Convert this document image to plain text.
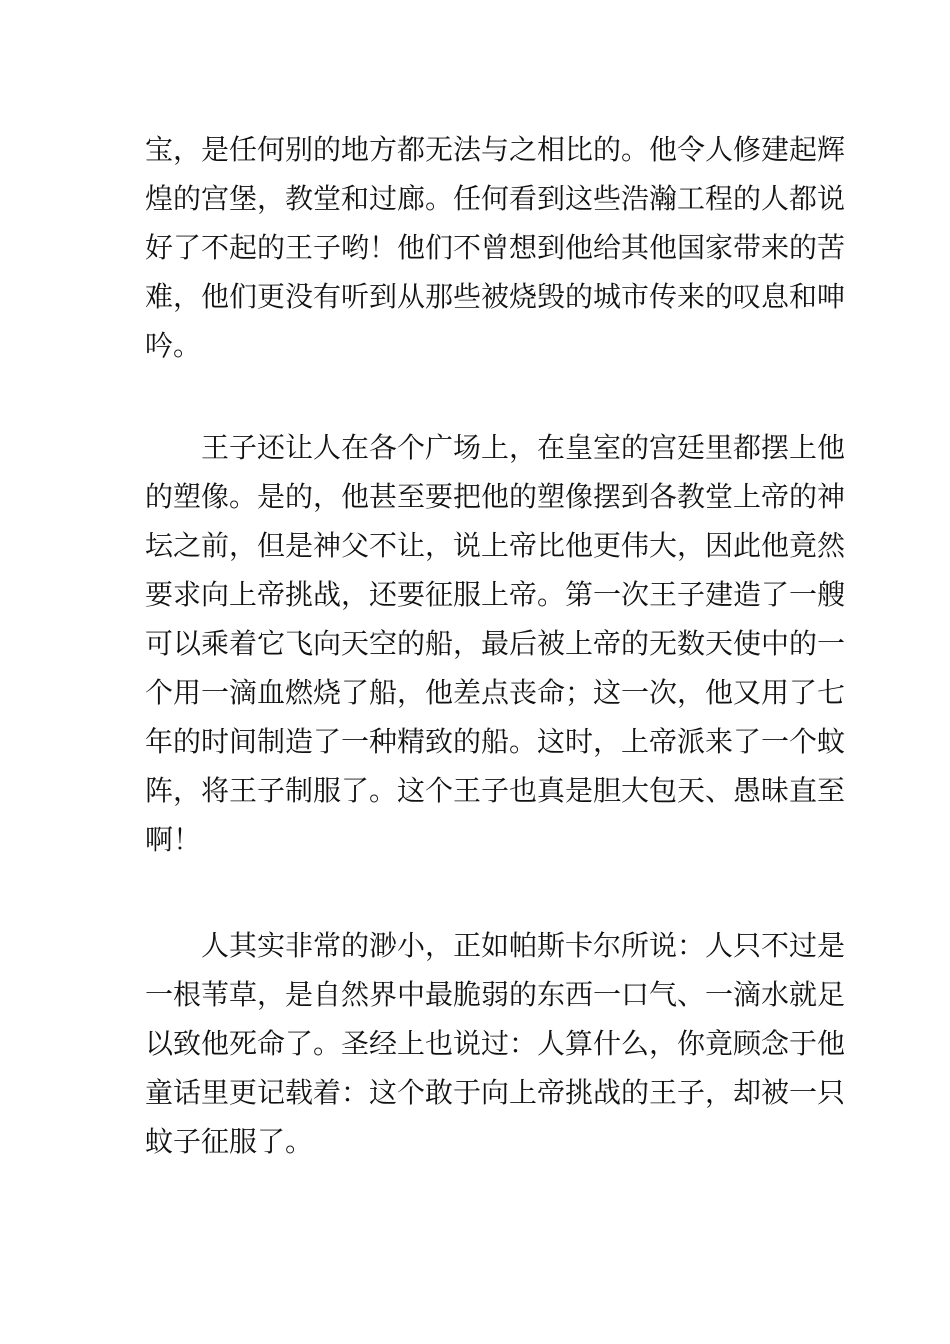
宝，是任何别的地方都无法与之相比的。他令人修建起辉
煌的宫堡，教堂和过廊。任何看到这些浩瀚工程的人都说
好了不起的王子哟！他们不曾想到他给其他国家带来的苦
难，他们更没有听到从那些被烧毁的城市传来的叹息和呻
吟。
王子还让人在各个广场上，在皇室的宫廷里都摆上他
的塑像。是的，他甚至要把他的塑像摆到各教堂上帝的神
坛之前，但是神父不让，说上帝比他更伟大，因此他竟然
要求向上帝挑战，还要征服上帝。第一次王子建造了一艘
可以乘着它飞向天空的船，最后被上帝的无数天使中的一
个用一滴血燃烧了船，他差点丧命；这一次，他又用了七
年的时间制造了一种精致的船。这时，上帝派来了一个蚊
阵，将王子制服了。这个王子也真是胆大包天、愚昧直至
啊！
人其实非常的渺小，正如帕斯卡尔所说：人只不过是
一根苇草，是自然界中最脆弱的东西一口气、一滴水就足
以致他死命了。圣经上也说过：人算什么，你竟顾念于他
童话里更记载着：这个敢于向上帝挑战的王子，却被一只
蚊子征服了。
